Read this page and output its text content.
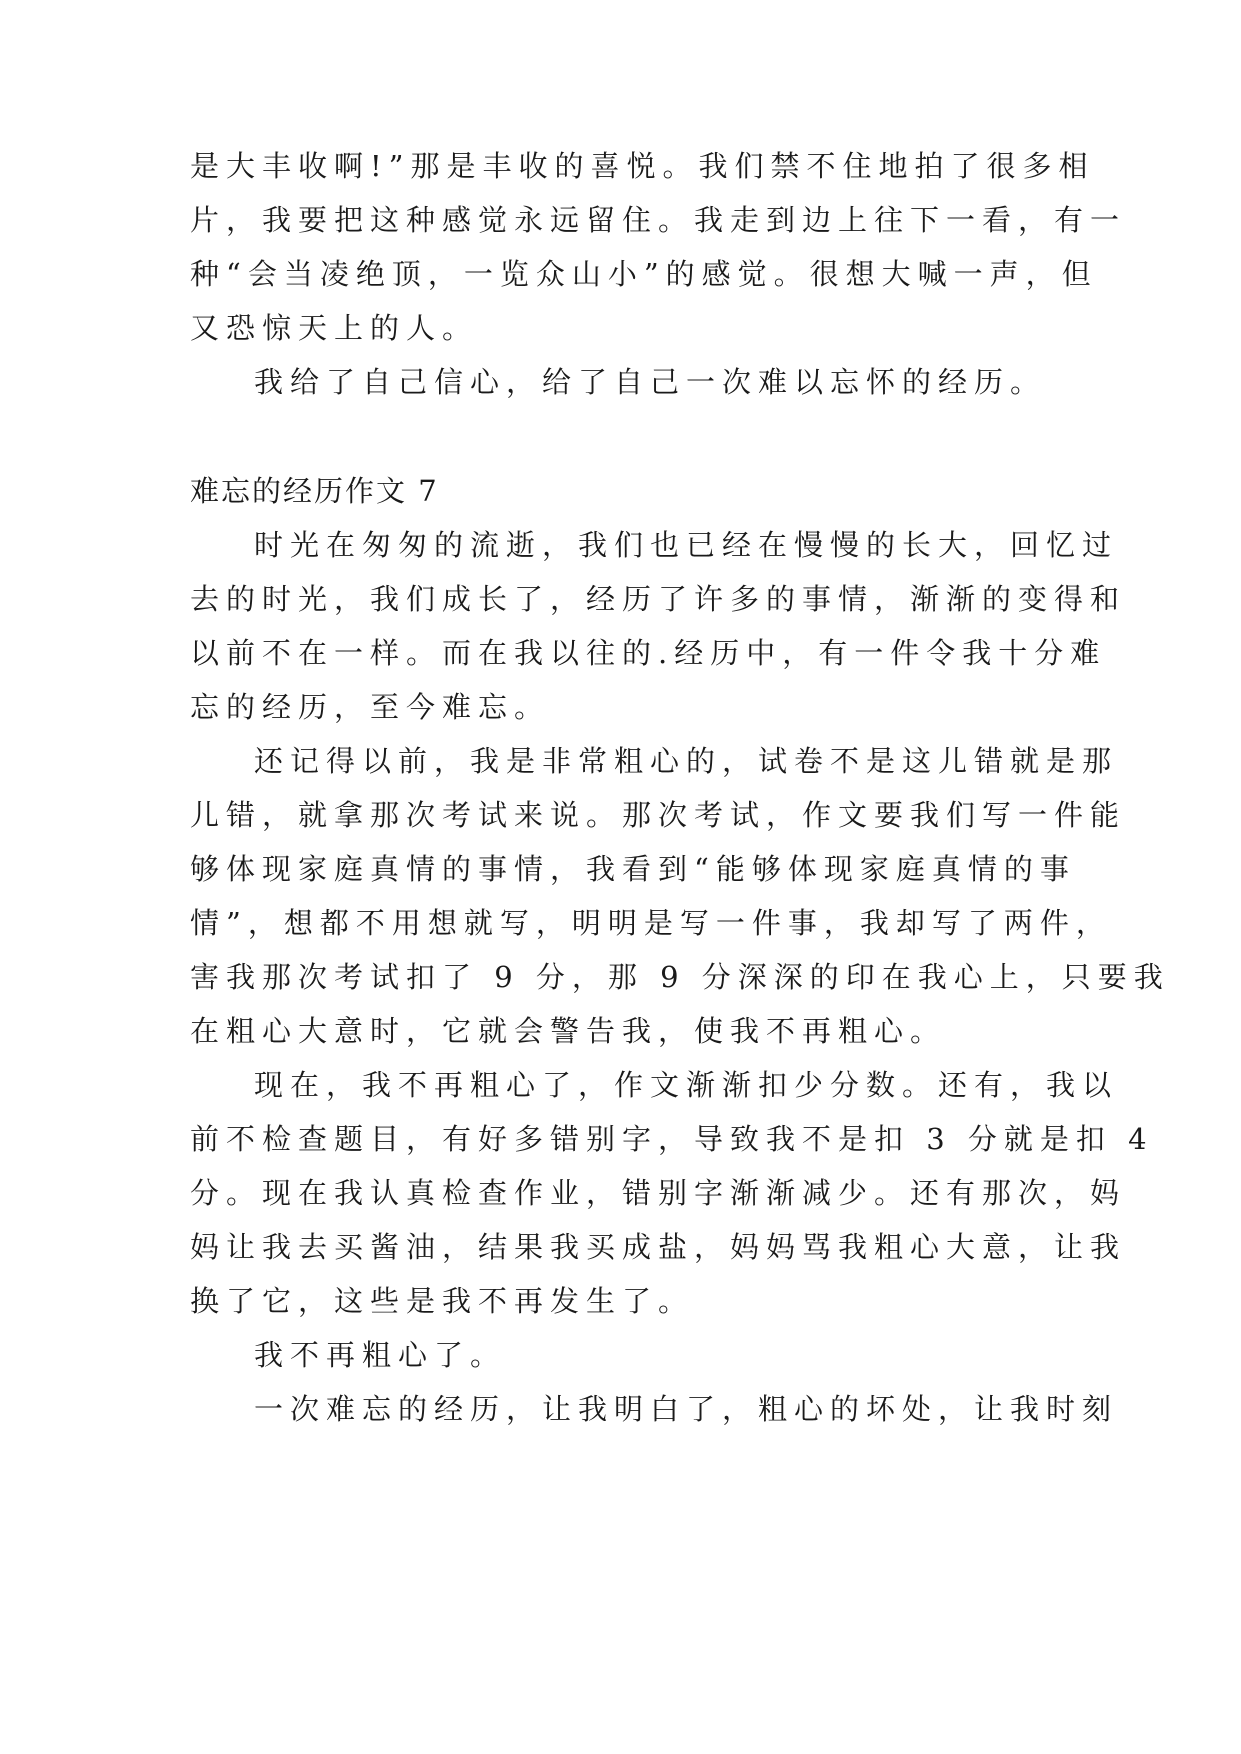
是大丰收啊!”那是丰收的喜悦。我们禁不住地拍了很多相
片，我要把这种感觉永远留住。我走到边上往下一看，有一
种“会当凌绝顶，一览众山小”的感觉。很想大喊一声，但
又恐惊天上的人。
我给了自己信心，给了自己一次难以忘怀的经历。
难忘的经历作文 7
时光在匆匆的流逝，我们也已经在慢慢的长大，回忆过
去的时光，我们成长了，经历了许多的事情，渐渐的变得和
以前不在一样。而在我以往的.经历中，有一件令我十分难
忘的经历，至今难忘。
还记得以前，我是非常粗心的，试卷不是这儿错就是那
儿错，就拿那次考试来说。那次考试，作文要我们写一件能
够体现家庭真情的事情，我看到“能够体现家庭真情的事
情”，想都不用想就写，明明是写一件事，我却写了两件，
害我那次考试扣了 9 分，那 9 分深深的印在我心上，只要我
在粗心大意时，它就会警告我，使我不再粗心。
现在，我不再粗心了，作文渐渐扣少分数。还有，我以
前不检查题目，有好多错别字，导致我不是扣 3 分就是扣 4
分。现在我认真检查作业，错别字渐渐减少。还有那次，妈
妈让我去买酱油，结果我买成盐，妈妈骂我粗心大意，让我
换了它，这些是我不再发生了。
我不再粗心了。
一次难忘的经历，让我明白了，粗心的坏处，让我时刻
